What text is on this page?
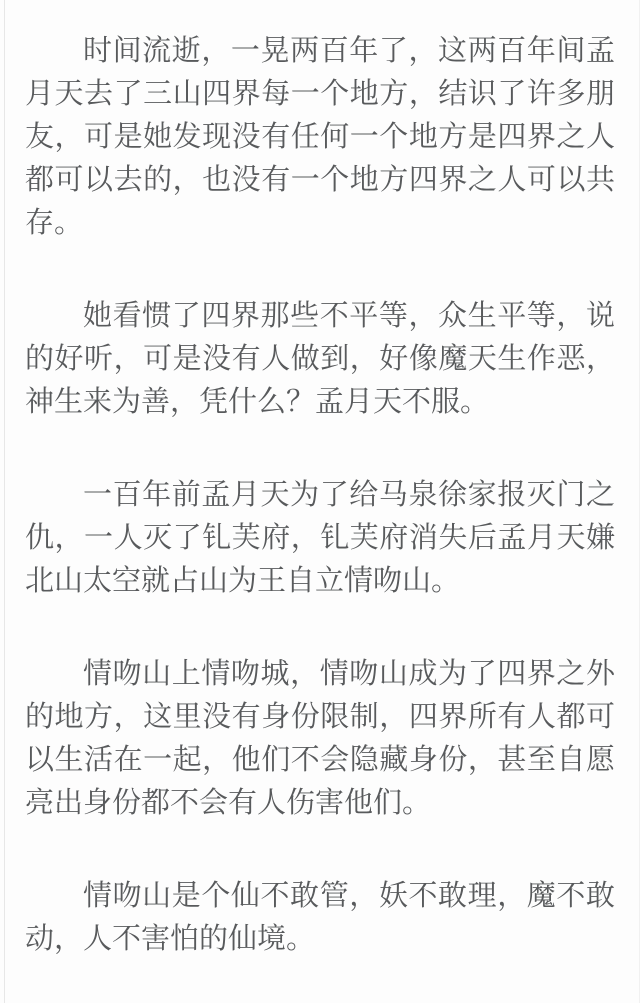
时间流逝，一晃两百年了，这两百年间孟月天去了三山四界每一个地方，结识了许多朋友，可是她发现没有任何一个地方是四界之人都可以去的，也没有一个地方四界之人可以共存。

她看惯了四界那些不平等，众生平等，说的好听，可是没有人做到，好像魔天生作恶，神生来为善，凭什么？孟月天不服。

一百年前孟月天为了给马泉徐家报灭门之仇，一人灭了钆芙府，钆芙府消失后孟月天嫌北山太空就占山为王自立情吻山。

情吻山上情吻城，情吻山成为了四界之外的地方，这里没有身份限制，四界所有人都可以生活在一起，他们不会隐藏身份，甚至自愿亮出身份都不会有人伤害他们。

情吻山是个仙不敢管，妖不敢理，魔不敢动，人不害怕的仙境。
